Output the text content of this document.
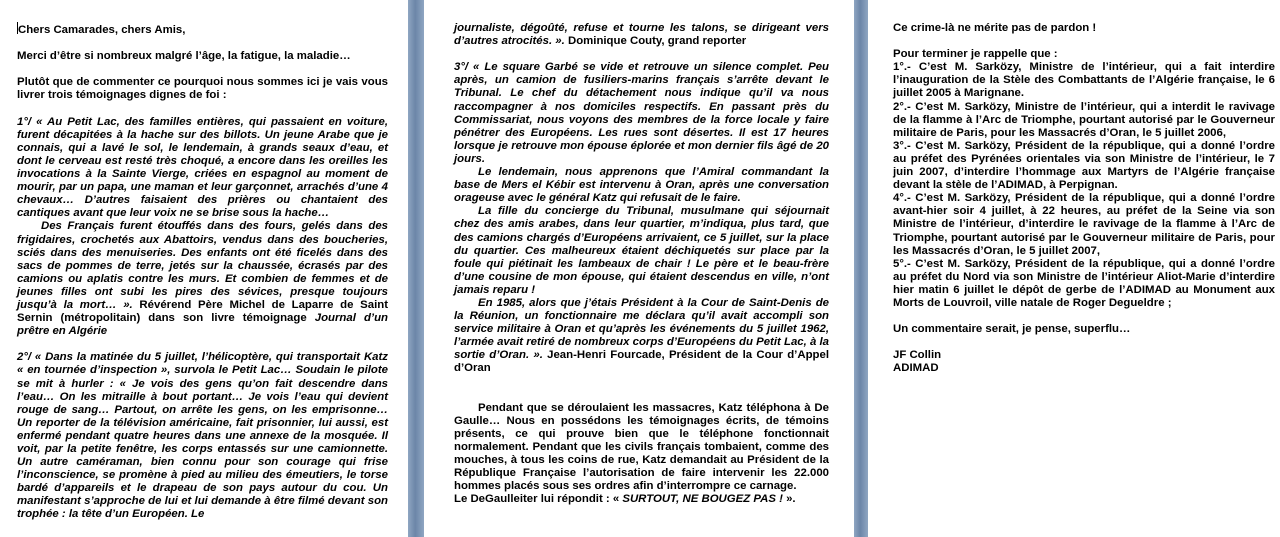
Chers Camarades, chers Amis,

Merci d’être si nombreux malgré l’âge, la fatigue, la maladie…

Plutôt que de commenter ce pourquoi nous sommes ici je vais vous livrer trois témoignages dignes de foi :

1°/ « Au Petit Lac, des familles entières, qui passaient en voiture, furent décapitées à la hache sur des billots. Un jeune Arabe que je connais, qui a lavé le sol, le lendemain, à grands seaux d’eau, et dont le cerveau est resté très choqué, a encore dans les oreilles les invocations à la Sainte Vierge, criées en espagnol au moment de mourir, par un papa, une maman et leur garçonnet, arrachés d’une 4 chevaux… D’autres faisaient des prières ou chantaient des cantiques avant que leur voix ne se brise sous la hache…

Des Français furent étouffés dans des fours, gelés dans des frigidaires, crochetés aux Abattoirs, vendus dans des boucheries, sciés dans des menuiseries. Des enfants ont été ficelés dans des sacs de pommes de terre, jetés sur la chaussée, écrasés par des camions ou aplatis contre les murs. Et combien de femmes et de jeunes filles ont subi les pires des sévices, presque toujours jusqu’à la mort… ». Révérend Père Michel de Laparre de Saint Sernin (métropolitain) dans son livre témoignage Journal d’un prêtre en Algérie

2°/ « Dans la matinée du 5 juillet, l’hélicoptère, qui transportait Katz « en tournée d’inspection », survola le Petit Lac… Soudain le pilote se mit à hurler : « Je vois des gens qu’on fait descendre dans l’eau… On les mitraille à bout portant… Je vois l’eau qui devient rouge de sang… Partout, on arrête les gens, on les emprisonne… Un reporter de la télévision américaine, fait prisonnier, lui aussi, est enfermé pendant quatre heures dans une annexe de la mosquée. Il voit, par la petite fenêtre, les corps entassés sur une camionnette. Un autre caméraman, bien connu pour son courage qui frise l’inconscience, se promène à pied au milieu des émeutiers, le torse bardé d’appareils et le drapeau de son pays autour du cou. Un manifestant s’approche de lui et lui demande à être filmé devant son trophée : la tête d’un Européen. Le

journaliste, dégoûté, refuse et tourne les talons, se dirigeant vers d’autres atrocités. ». Dominique Couty, grand reporter

3°/ « Le square Garbé se vide et retrouve un silence complet. Peu après, un camion de fusiliers-marins français s’arrête devant le Tribunal. Le chef du détachement nous indique qu’il va nous raccompagner à nos domiciles respectifs. En passant près du Commissariat, nous voyons des membres de la force locale y faire pénétrer des Européens. Les rues sont désertes. Il est 17 heures lorsque je retrouve mon épouse éplorée et mon dernier fils âgé de 20 jours.

Le lendemain, nous apprenons que l’Amiral commandant la base de Mers el Kébir est intervenu à Oran, après une conversation orageuse avec le général Katz qui refusait de le faire.

La fille du concierge du Tribunal, musulmane qui séjournait chez des amis arabes, dans leur quartier, m’indiqua, plus tard, que des camions chargés d’Européens arrivaient, ce 5 juillet, sur la place du quartier. Ces malheureux étaient déchiquetés sur place par la foule qui piétinait les lambeaux de chair ! Le père et le beau-frère d’une cousine de mon épouse, qui étaient descendus en ville, n’ont jamais reparu !

En 1985, alors que j’étais Président à la Cour de Saint-Denis de la Réunion, un fonctionnaire me déclara qu’il avait accompli son service militaire à Oran et qu’après les événements du 5 juillet 1962, l’armée avait retiré de nombreux corps d’Européens du Petit Lac, à la sortie d’Oran. ». Jean-Henri Fourcade, Président de la Cour d’Appel d’Oran

Pendant que se déroulaient les massacres, Katz téléphona à De Gaulle… Nous en possédons les témoignages écrits, de témoins présents, ce qui prouve bien que le téléphone fonctionnait normalement. Pendant que les civils français tombaient, comme des mouches, à tous les coins de rue, Katz demandait au Président de la République Française l’autorisation de faire intervenir les 22.000 hommes placés sous ses ordres afin d’interrompre ce carnage.

Le DeGaulleiter lui répondit : « SURTOUT, NE BOUGEZ PAS ! ».

Ce crime-là ne mérite pas de pardon !

Pour terminer je rappelle que :

1°.- C’est M. Sarközy, Ministre de l’intérieur, qui a fait interdire l’inauguration de la Stèle des Combattants de l’Algérie française, le 6 juillet 2005 à Marignane.

2°.- C’est M. Sarközy, Ministre de l’intérieur, qui a interdit le ravivage de la flamme à l’Arc de Triomphe, pourtant autorisé par le Gouverneur militaire de Paris, pour les Massacrés d’Oran, le 5 juillet 2006,

3°.- C’est M. Sarközy, Président de la république, qui a donné l’ordre au préfet des Pyrénées orientales via son Ministre de l’intérieur, le 7 juin 2007, d’interdire l’hommage aux Martyrs de l’Algérie française devant la stèle de l’ADIMAD, à Perpignan.

4°.- C’est M. Sarközy, Président de la république, qui a donné l’ordre avant-hier soir 4 juillet, à 22 heures, au préfet de la Seine via son Ministre de l’intérieur, d’interdire le ravivage de la flamme à l’Arc de Triomphe, pourtant autorisé par le Gouverneur militaire de Paris, pour les Massacrés d’Oran, le 5 juillet 2007,

5°.- C’est M. Sarközy, Président de la république, qui a donné l’ordre au préfet du Nord via son Ministre de l’intérieur Aliot-Marie d’interdire hier matin 6 juillet le dépôt de gerbe de l’ADIMAD au Monument aux Morts de Louvroil, ville natale de Roger Degueldre ;

Un commentaire serait, je pense, superflu…

JF Collin

ADIMAD
